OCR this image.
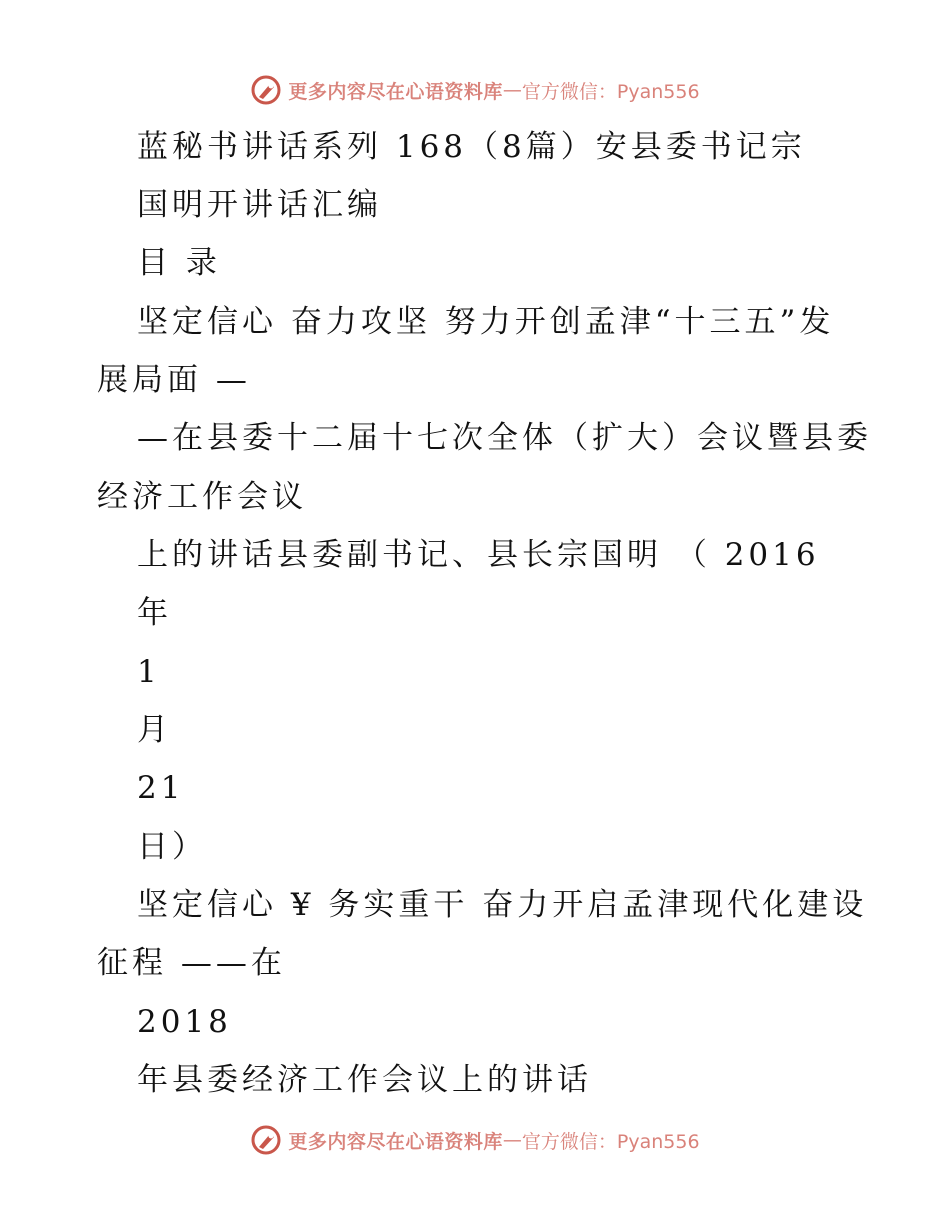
更多内容尽在心语资料库 — 官方微信：Pyan556
蓝秘书讲话系列 168（8篇）安县委书记宗
国明开讲话汇编
目 录
坚定信心 奋力攻坚 努力开创孟津“十三五”发
展局面 —
—在县委十二届十七次全体（扩大）会议暨县委
经济工作会议
上的讲话县委副书记、县长宗国明 （ 2016
年
1
月
21
日）
坚定信心 ¥ 务实重干 奋力开启孟津现代化建设
征程 ——在
2018
年县委经济工作会议上的讲话
更多内容尽在心语资料库 — 官方微信：Pyan556
